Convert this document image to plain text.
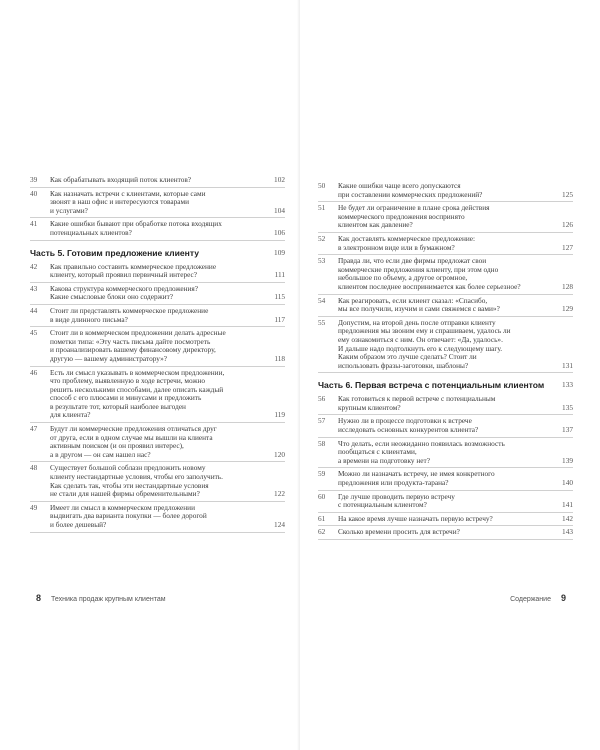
39	Как обрабатывать входящий поток клиентов?	102
40	Как назначать встречи с клиентами, которые сами
звонят в наш офис и интересуются товарами
и услугами?	104
41	Какие ошибки бывают при обработке потока входящих
потенциальных клиентов?	106
Часть 5. Готовим предложение клиенту	109
42	Как правильно составить коммерческое предложение
клиенту, который проявил первичный интерес?	111
43	Какова структура коммерческого предложения?
Какие смысловые блоки оно содержит?	115
44	Стоит ли представлять коммерческое предложение
в виде длинного письма?	117
45	Стоит ли в коммерческом предложении делать адресные
пометки типа: «Эту часть письма дайте посмотреть
и проанализировать вашему финансовому директору,
другую — вашему администратору»?	118
46	Есть ли смысл указывать в коммерческом предложении,
что проблему, выявленную в ходе встречи, можно
решить несколькими способами, далее описать каждый
способ с его плюсами и минусами и предложить
в результате тот, который наиболее выгоден
для клиента?	119
47	Будут ли коммерческие предложения отличаться друг
от друга, если в одном случае мы вышли на клиента
активным поиском (и он проявил интерес),
а в другом — он сам нашел нас?	120
48	Существует большой соблазн предложить новому
клиенту нестандартные условия, чтобы его заполучить.
Как сделать так, чтобы эти нестандартные условия
не стали для нашей фирмы обременительными?	122
49	Имеет ли смысл в коммерческом предложении
выдвигать два варианта покупки — более дорогой
и более дешевый?	124
8 Техника продаж крупным клиентам
50	Какие ошибки чаще всего допускаются
при составлении коммерческих предложений?	125
51	Не будет ли ограничение в плане срока действия
коммерческого предложения воспринято
клиентом как давление?	126
52	Как доставлять коммерческое предложение:
в электронном виде или в бумажном?	127
53	Правда ли, что если две фирмы предложат свои
коммерческие предложения клиенту, при этом одно
небольшое по объему, а другое огромное,
клиентом последнее воспринимается как более серьезное?	128
54	Как реагировать, если клиент сказал: «Спасибо,
мы все получили, изучим и сами свяжемся с вами»?	129
55	Допустим, на второй день после отправки клиенту
предложения мы звоним ему и спрашиваем, удалось ли
ему ознакомиться с ним. Он отвечает: «Да, удалось».
И дальше надо подтолкнуть его к следующему шагу.
Каким образом это лучше сделать? Стоит ли
использовать фразы-заготовки, шаблоны?	131
Часть 6. Первая встреча с потенциальным клиентом	133
56	Как готовиться к первой встрече с потенциальным
крупным клиентом?	135
57	Нужно ли в процессе подготовки к встрече
исследовать основных конкурентов клиента?	137
58	Что делать, если неожиданно появилась возможность
пообщаться с клиентами,
а времени на подготовку нет?	139
59	Можно ли назначать встречу, не имея конкретного
предложения или продукта-тарана?	140
60	Где лучше проводить первую встречу
с потенциальным клиентом?	141
61	На какое время лучше назначать первую встречу?	142
62	Сколько времени просить для встречи?	143
Содержание 9
